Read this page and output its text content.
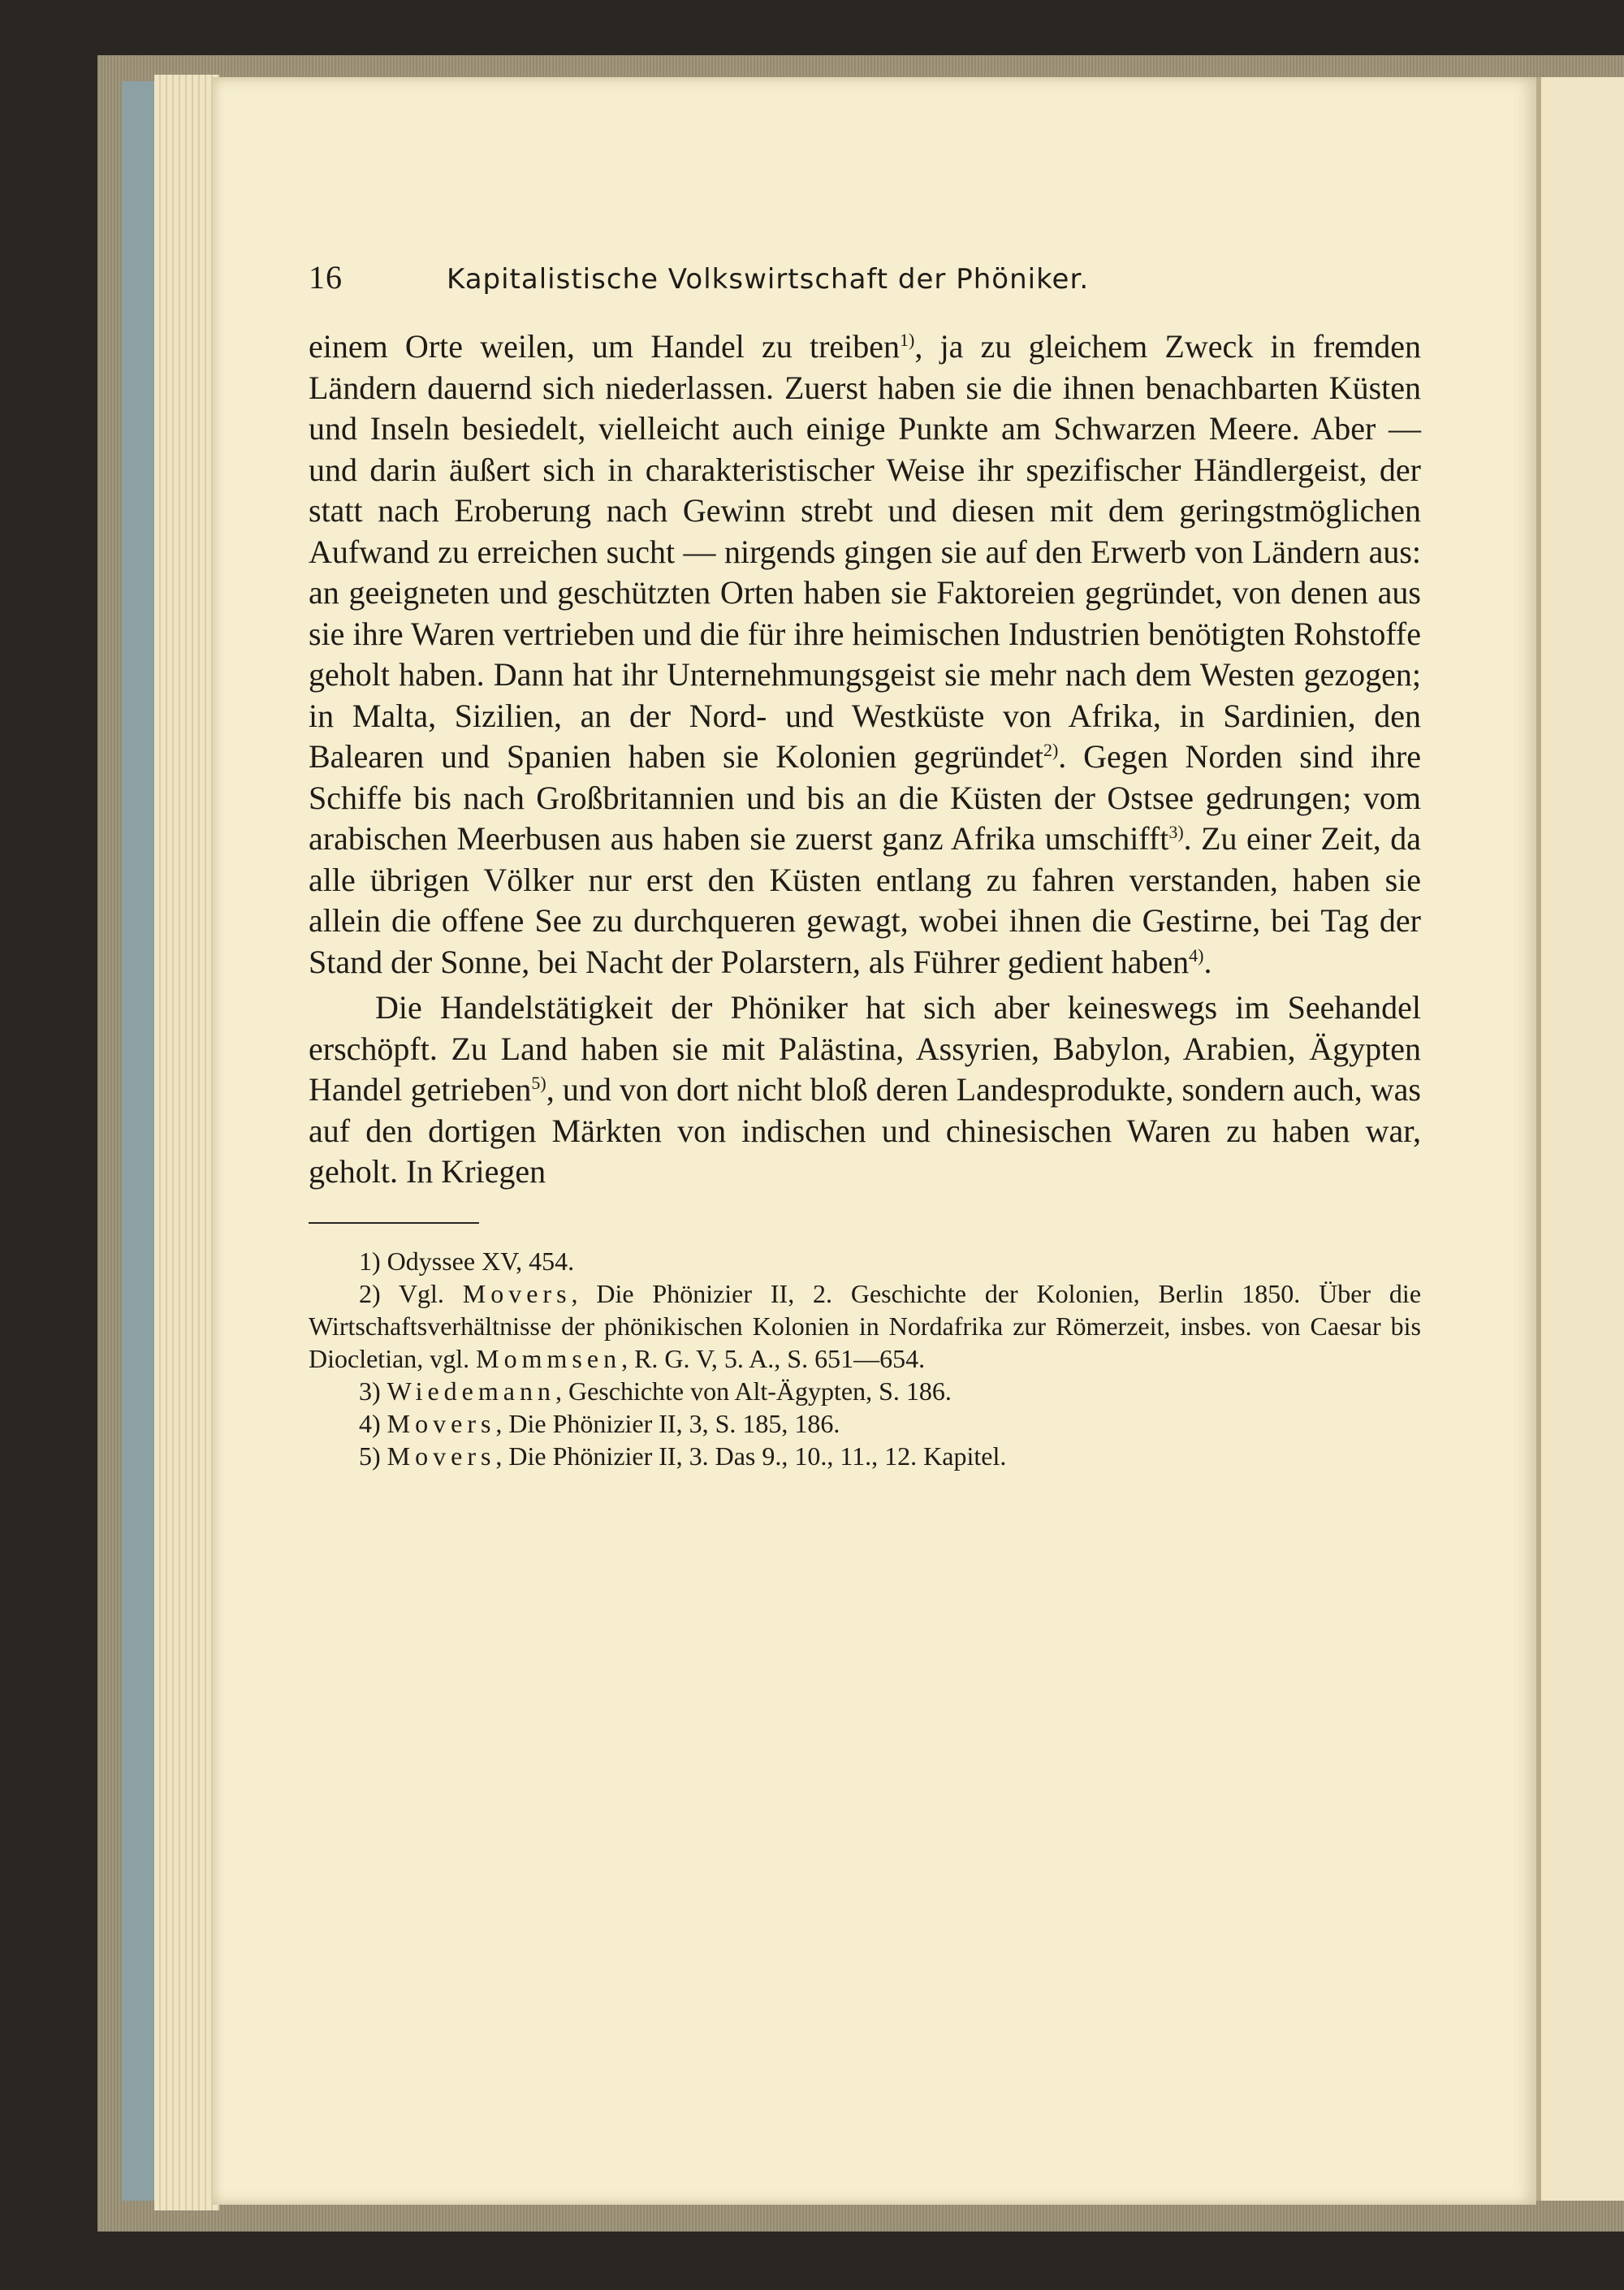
16	Kapitalistische Volkswirtschaft der Phöniker.

einem Orte weilen, um Handel zu treiben$^{1)}$, ja zu gleichem Zweck in fremden Ländern dauernd sich niederlassen. Zuerst haben sie die ihnen benachbarten Küsten und Inseln besiedelt, vielleicht auch einige Punkte am Schwarzen Meere. Aber — und darin äußert sich in charakteristischer Weise ihr spezifischer Händlergeist, der statt nach Eroberung nach Gewinn strebt und diesen mit dem geringstmöglichen Aufwand zu erreichen sucht — nirgends gingen sie auf den Erwerb von Ländern aus: an geeigneten und geschützten Orten haben sie Faktoreien gegründet, von denen aus sie ihre Waren vertrieben und die für ihre heimischen Industrien benötigten Rohstoffe geholt haben. Dann hat ihr Unternehmungsgeist sie mehr nach dem Westen gezogen; in Malta, Sizilien, an der Nord- und Westküste von Afrika, in Sardinien, den Balearen und Spanien haben sie Kolonien gegründet$^{2)}$. Gegen Norden sind ihre Schiffe bis nach Großbritannien und bis an die Küsten der Ostsee gedrungen; vom arabischen Meerbusen aus haben sie zuerst ganz Afrika umschifft$^{3)}$. Zu einer Zeit, da alle übrigen Völker nur erst den Küsten entlang zu fahren verstanden, haben sie allein die offene See zu durchqueren gewagt, wobei ihnen die Gestirne, bei Tag der Stand der Sonne, bei Nacht der Polarstern, als Führer gedient haben$^{4)}$.

Die Handelstätigkeit der Phöniker hat sich aber keineswegs im Seehandel erschöpft. Zu Land haben sie mit Palästina, Assyrien, Babylon, Arabien, Ägypten Handel getrieben$^{5)}$, und von dort nicht bloß deren Landesprodukte, sondern auch, was auf den dortigen Märkten von indischen und chinesischen Waren zu haben war, geholt. In Kriegen

1) Odyssee XV, 454.

2) Vgl. Movers, Die Phönizier II, 2. Geschichte der Kolonien, Berlin 1850. Über die Wirtschaftsverhältnisse der phönikischen Kolonien in Nordafrika zur Römerzeit, insbes. von Caesar bis Diocletian, vgl. Mommsen, R. G. V, 5. A., S. 651—654.

3) Wiedemann, Geschichte von Alt-Ägypten, S. 186.

4) Movers, Die Phönizier II, 3, S. 185, 186.

5) Movers, Die Phönizier II, 3. Das 9., 10., 11., 12. Kapitel.
